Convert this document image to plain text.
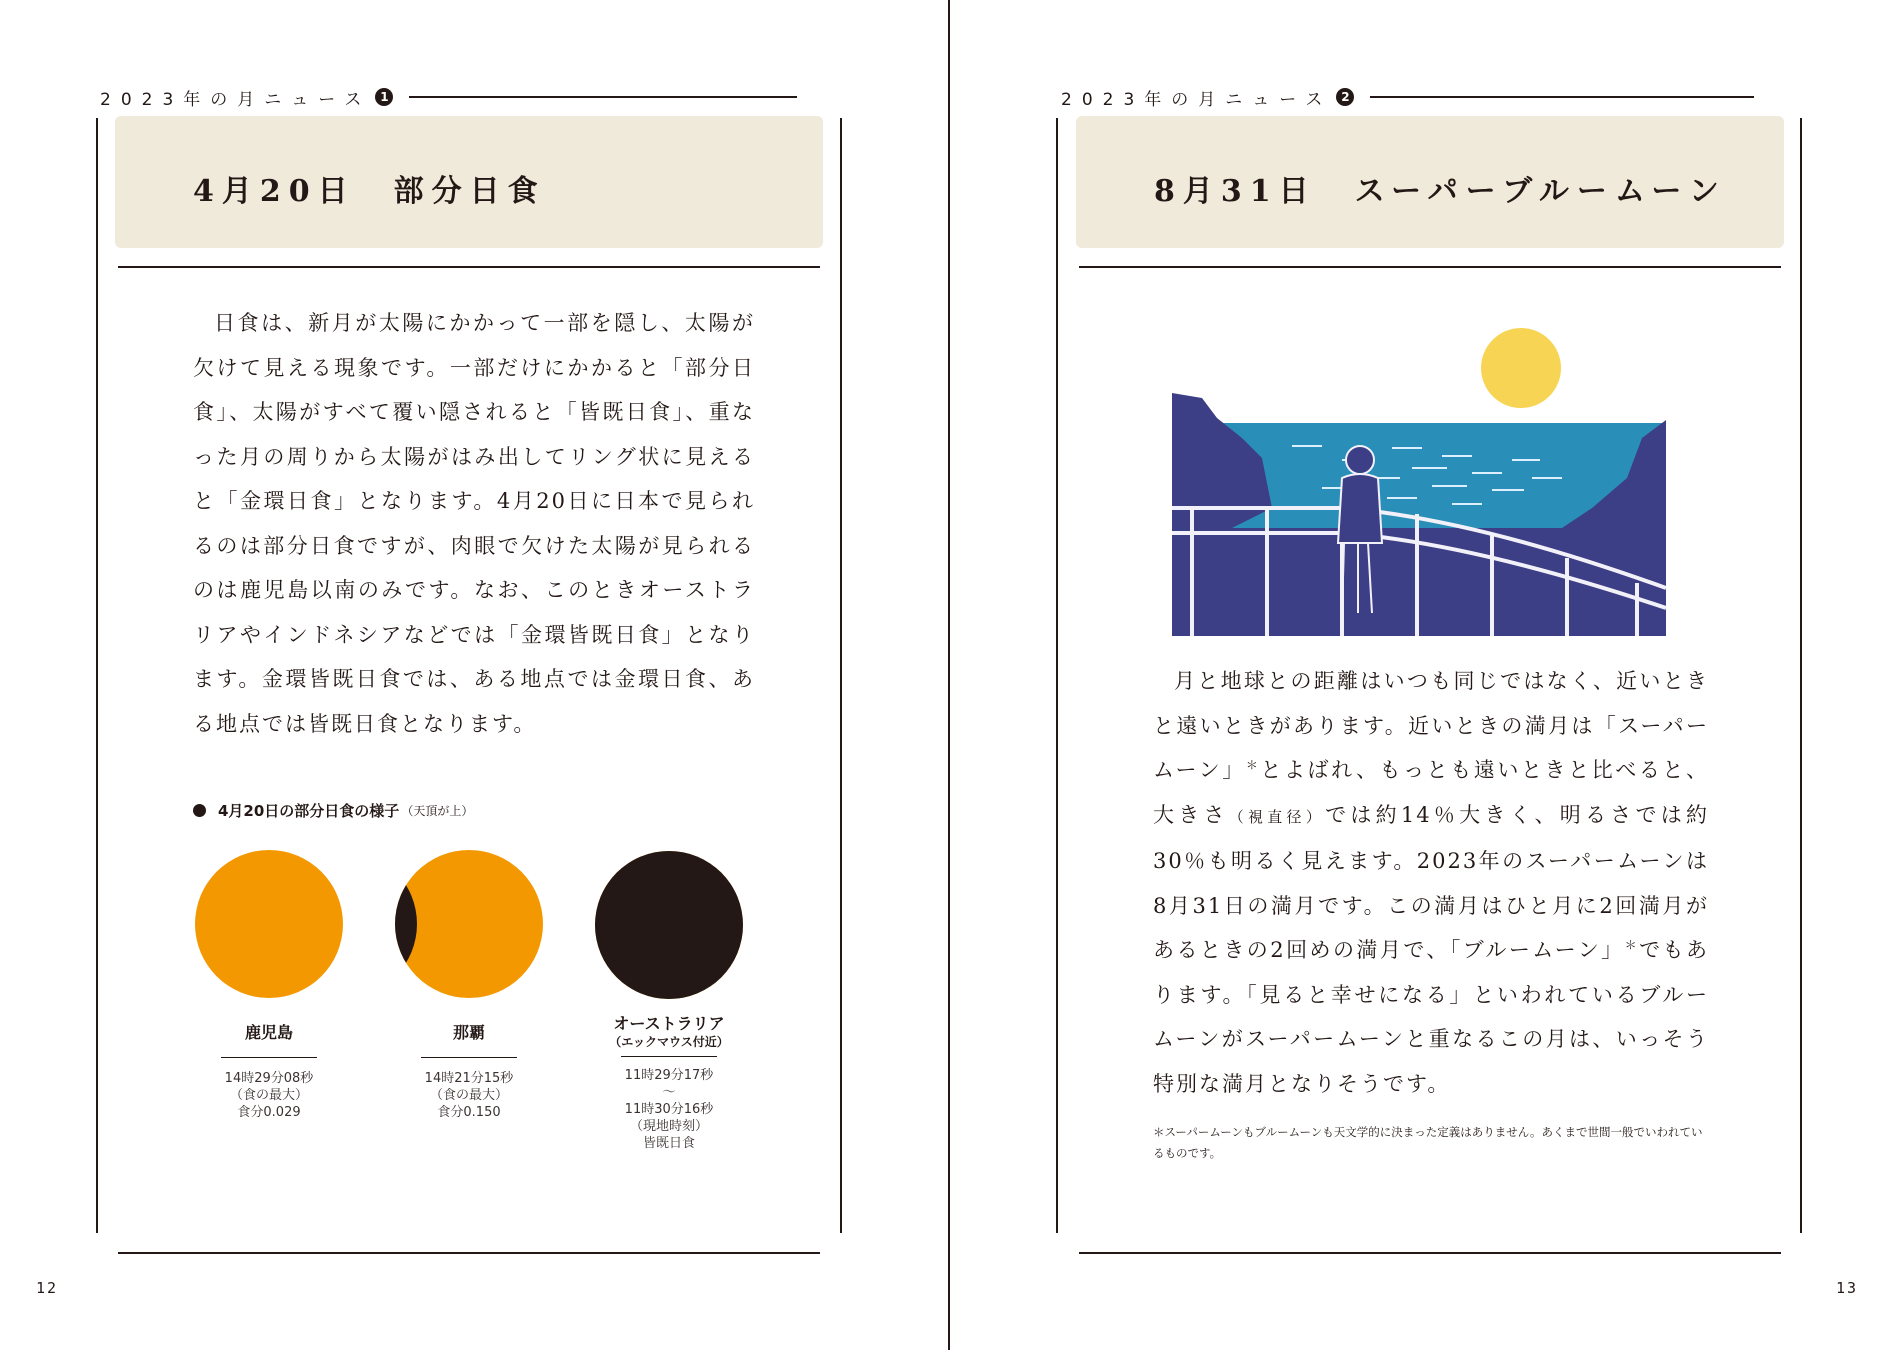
2023年の月ニュース 1
4月20日　部分日食

日食は、新月が太陽にかかって一部を隠し、太陽が欠けて見える現象です。一部だけにかかると「部分日食」、太陽がすべて覆い隠されると「皆既日食」、重なった月の周りから太陽がはみ出してリング状に見えると「金環日食」となります。4月20日に日本で見られるのは部分日食ですが、肉眼で欠けた太陽が見られるのは鹿児島以南のみです。なお、このときオーストラリアやインドネシアなどでは「金環皆既日食」となります。金環皆既日食では、ある地点では金環日食、ある地点では皆既日食となります。

4月20日の部分日食の様子 （天頂が上）
鹿児島
14時29分08秒
（食の最大）
食分0.029
那覇
14時21分15秒
（食の最大）
食分0.150
オーストラリア
（エックマウス付近）
11時29分17秒
〜
11時30分16秒
（現地時刻）
皆既日食
12
2023年の月ニュース 2
8月31日　スーパーブルームーン

月と地球との距離はいつも同じではなく、近いときと遠いときがあります。近いときの満月は「スーパームーン」＊とよばれ、もっとも遠いときと比べると、大きさ（視直径）では約14％大きく、明るさでは約30％も明るく見えます。2023年のスーパームーンは8月31日の満月です。この満月はひと月に2回満月があるときの2回めの満月で、「ブルームーン」＊でもあります。「見ると幸せになる」といわれているブルームーンがスーパームーンと重なるこの月は、いっそう特別な満月となりそうです。

＊スーパームーンもブルームーンも天文学的に決まった定義はありません。あくまで世間一般でいわれているものです。
13
